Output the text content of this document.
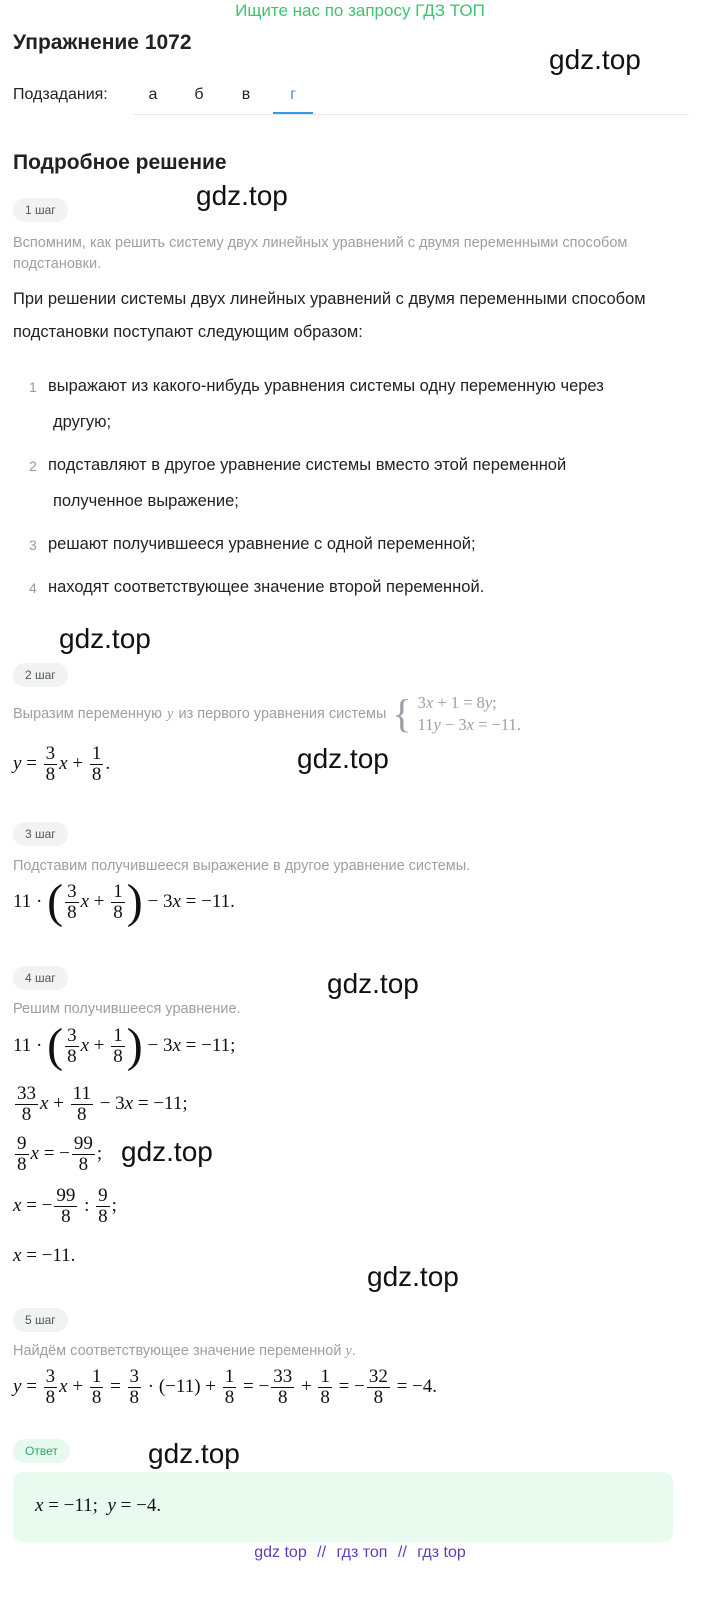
Ищите нас по запросу ГДЗ ТОП
Упражнение 1072
gdz.top
Подзадания:	а	б	в	г
Подробное решение
gdz.top
1 шаг
Вспомним, как решить систему двух линейных уравнений с двумя переменными способом подстановки.
При решении системы двух линейных уравнений с двумя переменными способом подстановки поступают следующим образом:
1 выражают из какого-нибудь уравнения системы одну переменную через
другую;
2 подставляют в другое уравнение системы вместо этой переменной
полученное выражение;
3 решают получившееся уравнение с одной переменной;
4 находят соответствующее значение второй переменной.
gdz.top
2 шаг
Выразим переменную y из первого уравнения системы { 3x + 1 = 8y;
11y − 3x = −11.
$y = \frac{3}{8}$ $x + \frac{1}{8}$ .	gdz.top
3 шаг
Подставим получившееся выражение в другое уравнение системы.
11 · ( $\frac{3}{8}$ $x + \frac{1}{8}$ ) − 3 x = −11.
gdz.top
4 шаг
Решим получившееся уравнение.
11 · ( $\frac{3}{8}$ $x + \frac{1}{8}$ ) − 3 x = −11;
$\frac{33}{8}$ $x + \frac{11}{8} - 3$ x = −11;
$\frac{9}{8}$ x = − $\frac{99}{8}$ ; gdz.top
x = − $\frac{99}{8}$ : $\frac{9}{8}$ ;
x = −11.
gdz.top
5 шаг
Найдём соответствующее значение переменной y.
$y = \frac{3}{8}$ $x + \frac{1}{8} = \frac{3}{8} \cdot (-11) + \frac{1}{8}$ = − $\frac{33}{8} + \frac{1}{8}$ = − $\frac{32}{8} = -4$.
Ответ	gdz.top
x = −11;  y = −4.
gdz top // гдз топ // гдз top
